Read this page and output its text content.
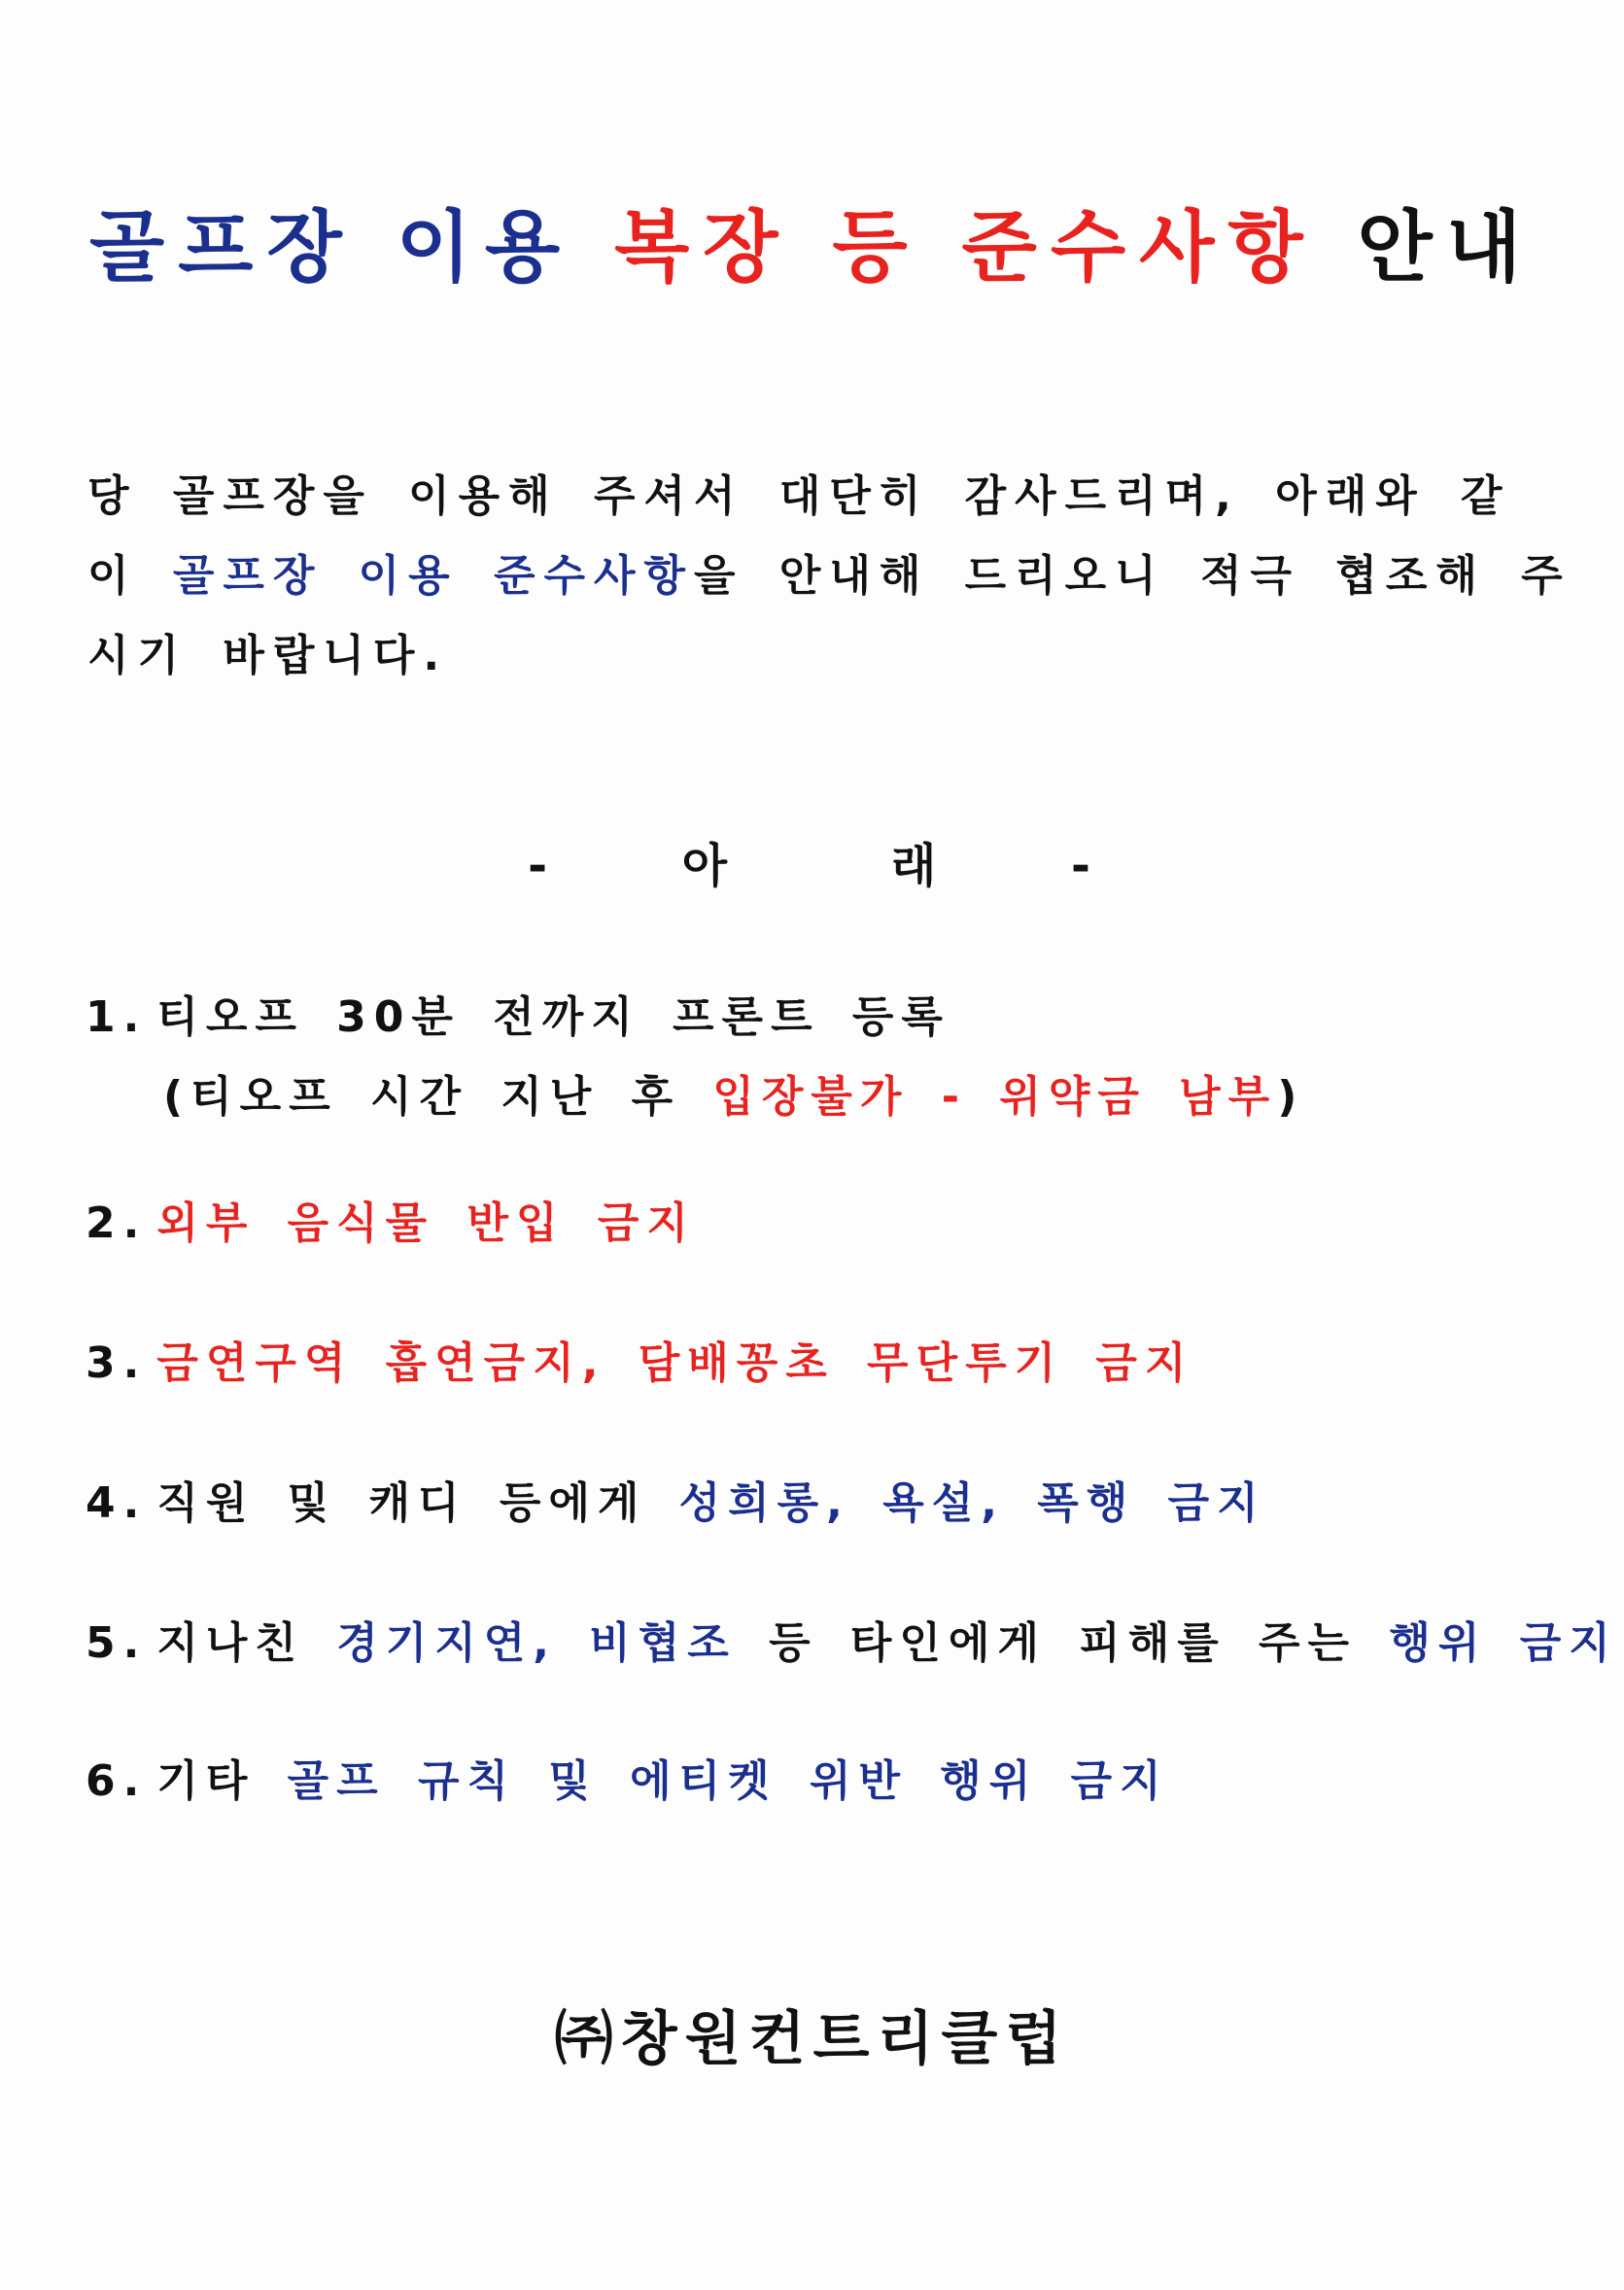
골프장 이용 복장 등 준수사항 안내
당 골프장을 이용해 주셔서 대단히 감사드리며, 아래와 같
이 골프장 이용 준수사항을 안내해 드리오니 적극 협조해 주
시기 바랍니다.
-	아	래	-
1. 티오프 30분 전까지 프론트 등록
(티오프 시간 지난 후 입장불가 - 위약금 남부)
2. 외부 음식물 반입 금지
3. 금연구역 흡연금지, 담배꽁초 무단투기 금지
4. 직원 및 캐디 등에게 성희롱, 욕설, 폭행 금지
5. 지나친 경기지연, 비협조 등 타인에게 피해를 주는 행위 금지
6. 기타 골프 규칙 및 에티켓 위반 행위 금지
㈜창원컨트리클럽
